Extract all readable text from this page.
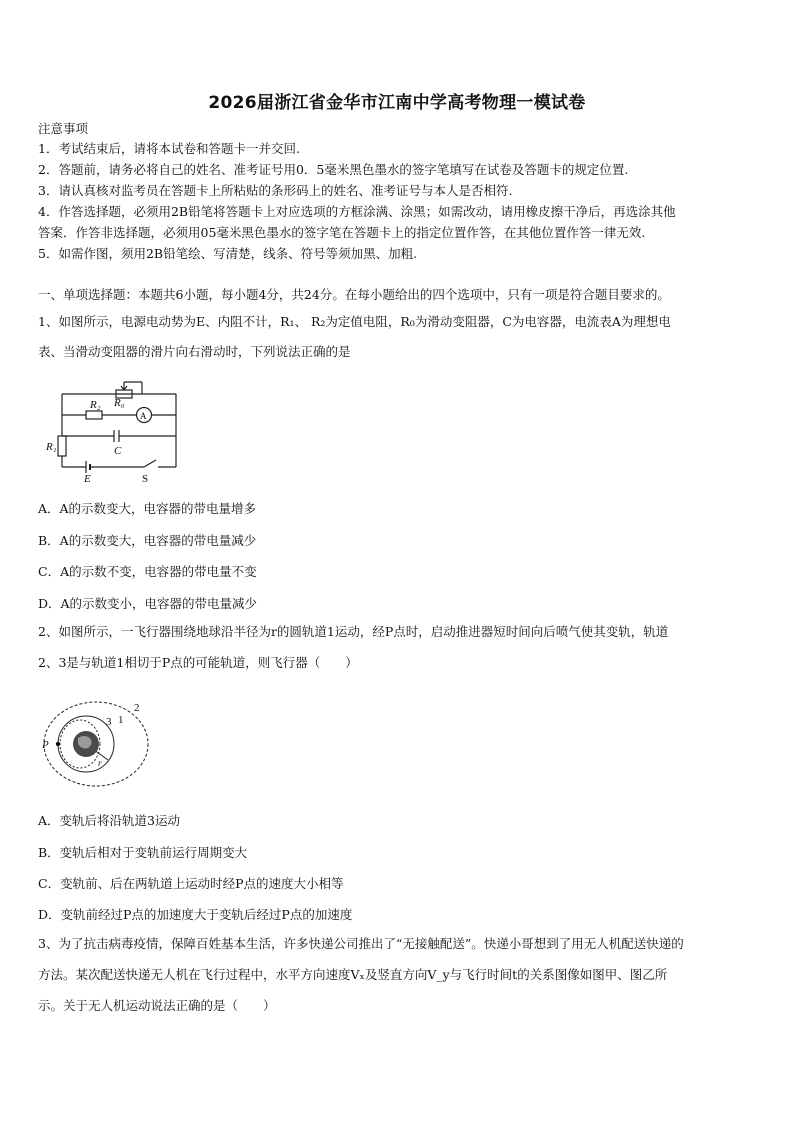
2026届浙江省金华市江南中学高考物理一模试卷
注意事项
1．考试结束后，请将本试卷和答题卡一并交回.
2．答题前，请务必将自己的姓名、准考证号用0．5毫米黑色墨水的签字笔填写在试卷及答题卡的规定位置.
3．请认真核对监考员在答题卡上所粘贴的条形码上的姓名、准考证号与本人是否相符.
4．作答选择题，必须用2B铅笔将答题卡上对应选项的方框涂满、涂黑；如需改动，请用橡皮擦干净后，再选涂其他
答案．作答非选择题，必须用05毫米黑色墨水的签字笔在答题卡上的指定位置作答，在其他位置作答一律无效.
5．如需作图，须用2B铅笔绘、写清楚，线条、符号等须加黑、加粗.
一、单项选择题：本题共6小题，每小题4分，共24分。在每小题给出的四个选项中，只有一项是符合题目要求的。
1、如图所示，电源电动势为E、内阻不计，R₁、 R₂为定值电阻，R₀为滑动变阻器，C为电容器，电流表A为理想电
表、当滑动变阻器的滑片向右滑动时，下列说法正确的是
R₂ R₀
A
R₁	C
E	S
A．A的示数变大，电容器的带电量增多
B．A的示数变大，电容器的带电量减少
C．A的示数不变，电容器的带电量不变
D．A的示数变小，电容器的带电量减少
2、如图所示，一飞行器围绕地球沿半径为r的圆轨道1运动，经P点时，启动推进器短时间向后喷气使其变轨，轨道
2、3是与轨道1相切于P点的可能轨道，则飞行器（　　）
P
1
2
3
r
A．变轨后将沿轨道3运动
B．变轨后相对于变轨前运行周期变大
C．变轨前、后在两轨道上运动时经P点的速度大小相等
D．变轨前经过P点的加速度大于变轨后经过P点的加速度
3、为了抗击病毒疫情，保障百姓基本生活，许多快递公司推出了“无接触配送”。快递小哥想到了用无人机配送快递的
方法。某次配送快递无人机在飞行过程中，水平方向速度Vₓ及竖直方向V_y与飞行时间t的关系图像如图甲、图乙所
示。关于无人机运动说法正确的是（　　）
